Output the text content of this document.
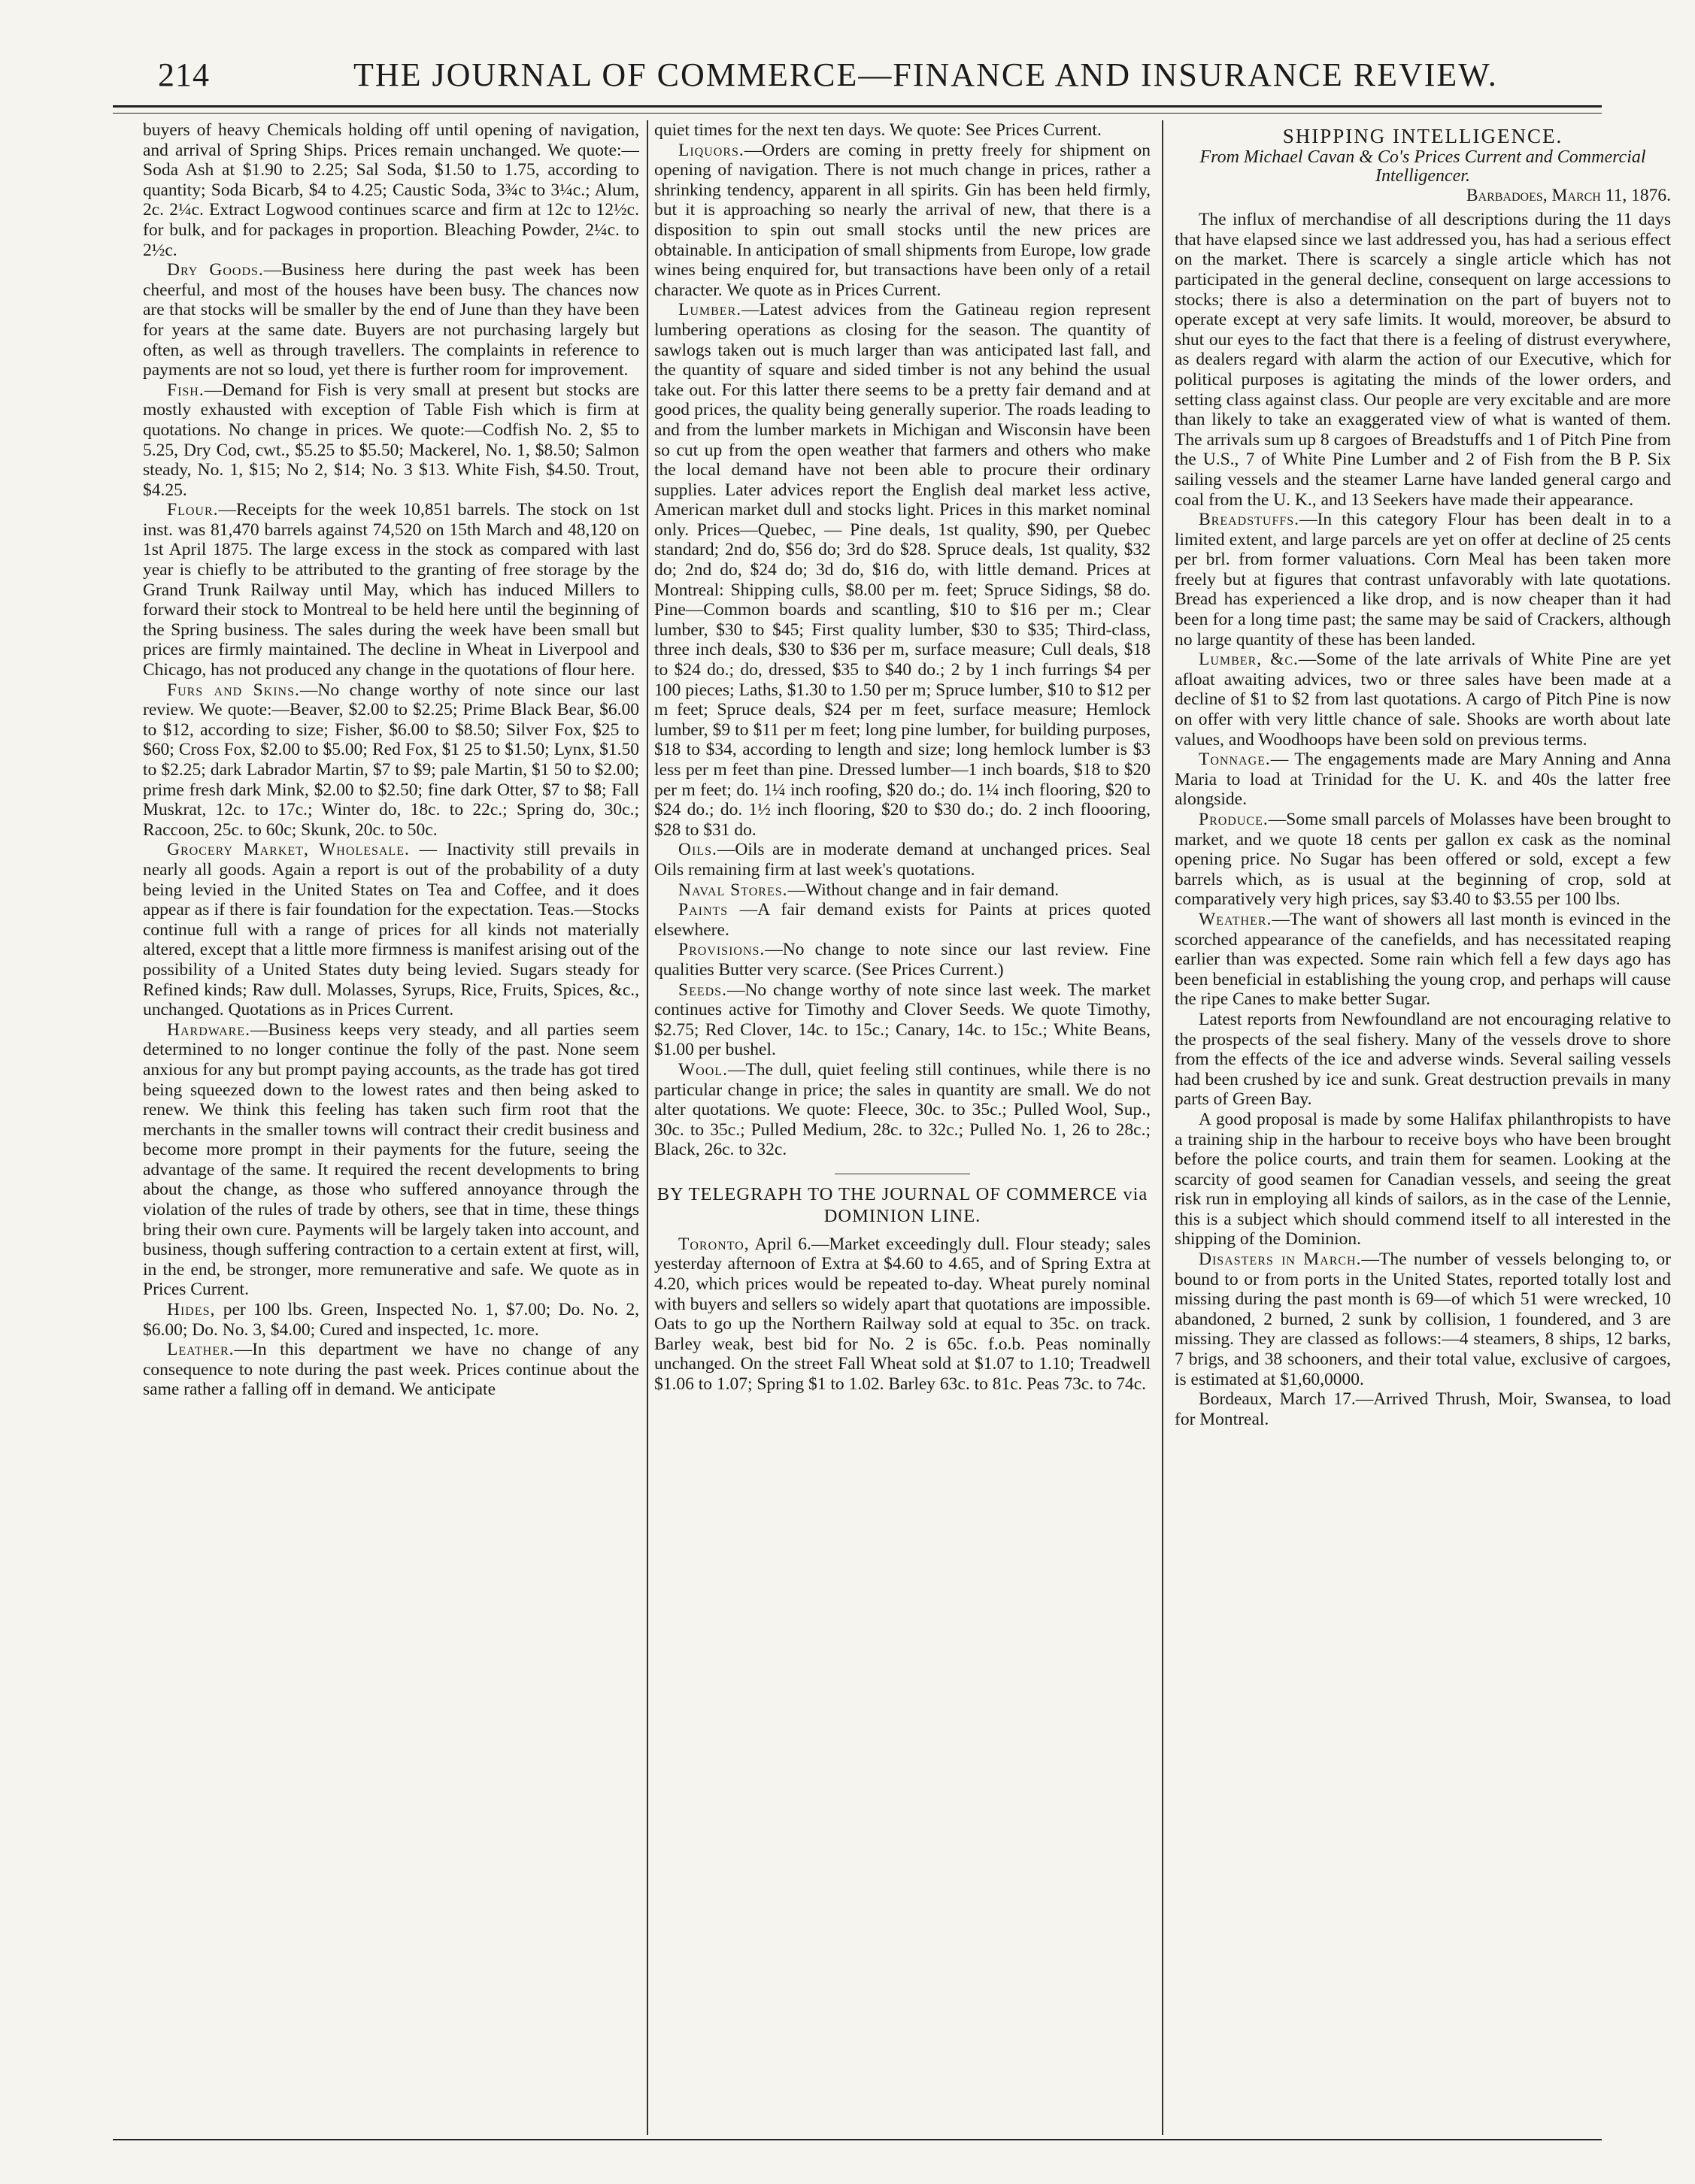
214	THE JOURNAL OF COMMERCE—FINANCE AND INSURANCE REVIEW.

buyers of heavy Chemicals holding off until opening of navigation, and arrival of Spring Ships. Prices remain unchanged. We quote:—Soda Ash at $1.90 to 2.25; Sal Soda, $1.50 to 1.75, according to quantity; Soda Bicarb, $4 to 4.25; Caustic Soda, 3¾c to 3¼c.; Alum, 2c. 2¼c. Extract Logwood continues scarce and firm at 12c to 12½c. for bulk, and for packages in proportion. Bleaching Powder, 2¼c. to 2½c.

Dry Goods.—Business here during the past week has been cheerful, and most of the houses have been busy. The chances now are that stocks will be smaller by the end of June than they have been for years at the same date. Buyers are not purchasing largely but often, as well as through travellers. The complaints in reference to payments are not so loud, yet there is further room for improvement.

Fish.—Demand for Fish is very small at present but stocks are mostly exhausted with exception of Table Fish which is firm at quotations. No change in prices. We quote:—Codfish No. 2, $5 to 5.25, Dry Cod, cwt., $5.25 to $5.50; Mackerel, No. 1, $8.50; Salmon steady, No. 1, $15; No 2, $14; No. 3 $13. White Fish, $4.50. Trout, $4.25.

Flour.—Receipts for the week 10,851 barrels. The stock on 1st inst. was 81,470 barrels against 74,520 on 15th March and 48,120 on 1st April 1875. The large excess in the stock as compared with last year is chiefly to be attributed to the granting of free storage by the Grand Trunk Railway until May, which has induced Millers to forward their stock to Montreal to be held here until the beginning of the Spring business. The sales during the week have been small but prices are firmly maintained. The decline in Wheat in Liverpool and Chicago, has not produced any change in the quotations of flour here.

Furs and Skins.—No change worthy of note since our last review. We quote:—Beaver, $2.00 to $2.25; Prime Black Bear, $6.00 to $12, according to size; Fisher, $6.00 to $8.50; Silver Fox, $25 to $60; Cross Fox, $2.00 to $5.00; Red Fox, $1 25 to $1.50; Lynx, $1.50 to $2.25; dark Labrador Martin, $7 to $9; pale Martin, $1 50 to $2.00; prime fresh dark Mink, $2.00 to $2.50; fine dark Otter, $7 to $8; Fall Muskrat, 12c. to 17c.; Winter do, 18c. to 22c.; Spring do, 30c.; Raccoon, 25c. to 60c; Skunk, 20c. to 50c.

Grocery Market, Wholesale. — Inactivity still prevails in nearly all goods. Again a report is out of the probability of a duty being levied in the United States on Tea and Coffee, and it does appear as if there is fair foundation for the expectation. Teas.—Stocks continue full with a range of prices for all kinds not materially altered, except that a little more firmness is manifest arising out of the possibility of a United States duty being levied. Sugars steady for Refined kinds; Raw dull. Molasses, Syrups, Rice, Fruits, Spices, &c., unchanged. Quotations as in Prices Current.

Hardware.—Business keeps very steady, and all parties seem determined to no longer continue the folly of the past. None seem anxious for any but prompt paying accounts, as the trade has got tired being squeezed down to the lowest rates and then being asked to renew. We think this feeling has taken such firm root that the merchants in the smaller towns will contract their credit business and become more prompt in their payments for the future, seeing the advantage of the same. It required the recent developments to bring about the change, as those who suffered annoyance through the violation of the rules of trade by others, see that in time, these things bring their own cure. Payments will be largely taken into account, and business, though suffering contraction to a certain extent at first, will, in the end, be stronger, more remunerative and safe. We quote as in Prices Current.

Hides, per 100 lbs. Green, Inspected No. 1, $7.00; Do. No. 2, $6.00; Do. No. 3, $4.00; Cured and inspected, 1c. more.

Leather.—In this department we have no change of any consequence to note during the past week. Prices continue about the same rather a falling off in demand. We anticipate

quiet times for the next ten days. We quote: See Prices Current.

Liquors.—Orders are coming in pretty freely for shipment on opening of navigation. There is not much change in prices, rather a shrinking tendency, apparent in all spirits. Gin has been held firmly, but it is approaching so nearly the arrival of new, that there is a disposition to spin out small stocks until the new prices are obtainable. In anticipation of small shipments from Europe, low grade wines being enquired for, but transactions have been only of a retail character. We quote as in Prices Current.

Lumber.—Latest advices from the Gatineau region represent lumbering operations as closing for the season. The quantity of sawlogs taken out is much larger than was anticipated last fall, and the quantity of square and sided timber is not any behind the usual take out. For this latter there seems to be a pretty fair demand and at good prices, the quality being generally superior. The roads leading to and from the lumber markets in Michigan and Wisconsin have been so cut up from the open weather that farmers and others who make the local demand have not been able to procure their ordinary supplies. Later advices report the English deal market less active, American market dull and stocks light. Prices in this market nominal only. Prices—Quebec, — Pine deals, 1st quality, $90, per Quebec standard; 2nd do, $56 do; 3rd do $28. Spruce deals, 1st quality, $32 do; 2nd do, $24 do; 3d do, $16 do, with little demand. Prices at Montreal: Shipping culls, $8.00 per m. feet; Spruce Sidings, $8 do. Pine—Common boards and scantling, $10 to $16 per m.; Clear lumber, $30 to $45; First quality lumber, $30 to $35; Third-class, three inch deals, $30 to $36 per m, surface measure; Cull deals, $18 to $24 do.; do, dressed, $35 to $40 do.; 2 by 1 inch furrings $4 per 100 pieces; Laths, $1.30 to 1.50 per m; Spruce lumber, $10 to $12 per m feet; Spruce deals, $24 per m feet, surface measure; Hemlock lumber, $9 to $11 per m feet; long pine lumber, for building purposes, $18 to $34, according to length and size; long hemlock lumber is $3 less per m feet than pine. Dressed lumber—1 inch boards, $18 to $20 per m feet; do. 1¼ inch roofing, $20 do.; do. 1¼ inch flooring, $20 to $24 do.; do. 1½ inch flooring, $20 to $30 do.; do. 2 inch floooring, $28 to $31 do.

Oils.—Oils are in moderate demand at unchanged prices. Seal Oils remaining firm at last week's quotations.

Naval Stores.—Without change and in fair demand.

Paints —A fair demand exists for Paints at prices quoted elsewhere.

Provisions.—No change to note since our last review. Fine qualities Butter very scarce. (See Prices Current.)

Seeds.—No change worthy of note since last week. The market continues active for Timothy and Clover Seeds. We quote Timothy, $2.75; Red Clover, 14c. to 15c.; Canary, 14c. to 15c.; White Beans, $1.00 per bushel.

Wool.—The dull, quiet feeling still continues, while there is no particular change in price; the sales in quantity are small. We do not alter quotations. We quote: Fleece, 30c. to 35c.; Pulled Wool, Sup., 30c. to 35c.; Pulled Medium, 28c. to 32c.; Pulled No. 1, 26 to 28c.; Black, 26c. to 32c.

BY TELEGRAPH TO THE JOURNAL OF COMMERCE via DOMINION LINE.

Toronto, April 6.—Market exceedingly dull. Flour steady; sales yesterday afternoon of Extra at $4.60 to 4.65, and of Spring Extra at 4.20, which prices would be repeated to-day. Wheat purely nominal with buyers and sellers so widely apart that quotations are impossible. Oats to go up the Northern Railway sold at equal to 35c. on track. Barley weak, best bid for No. 2 is 65c. f.o.b. Peas nominally unchanged. On the street Fall Wheat sold at $1.07 to 1.10; Treadwell $1.06 to 1.07; Spring $1 to 1.02. Barley 63c. to 81c. Peas 73c. to 74c.

SHIPPING INTELLIGENCE.

From Michael Cavan & Co's Prices Current and Commercial Intelligencer.

Barbadoes, March 11, 1876.

The influx of merchandise of all descriptions during the 11 days that have elapsed since we last addressed you, has had a serious effect on the market. There is scarcely a single article which has not participated in the general decline, consequent on large accessions to stocks; there is also a determination on the part of buyers not to operate except at very safe limits. It would, moreover, be absurd to shut our eyes to the fact that there is a feeling of distrust everywhere, as dealers regard with alarm the action of our Executive, which for political purposes is agitating the minds of the lower orders, and setting class against class. Our people are very excitable and are more than likely to take an exaggerated view of what is wanted of them. The arrivals sum up 8 cargoes of Breadstuffs and 1 of Pitch Pine from the U.S., 7 of White Pine Lumber and 2 of Fish from the B P. Six sailing vessels and the steamer Larne have landed general cargo and coal from the U. K., and 13 Seekers have made their appearance.

Breadstuffs.—In this category Flour has been dealt in to a limited extent, and large parcels are yet on offer at decline of 25 cents per brl. from former valuations. Corn Meal has been taken more freely but at figures that contrast unfavorably with late quotations. Bread has experienced a like drop, and is now cheaper than it had been for a long time past; the same may be said of Crackers, although no large quantity of these has been landed.

Lumber, &c.—Some of the late arrivals of White Pine are yet afloat awaiting advices, two or three sales have been made at a decline of $1 to $2 from last quotations. A cargo of Pitch Pine is now on offer with very little chance of sale. Shooks are worth about late values, and Woodhoops have been sold on previous terms.

Tonnage.— The engagements made are Mary Anning and Anna Maria to load at Trinidad for the U. K. and 40s the latter free alongside.

Produce.—Some small parcels of Molasses have been brought to market, and we quote 18 cents per gallon ex cask as the nominal opening price. No Sugar has been offered or sold, except a few barrels which, as is usual at the beginning of crop, sold at comparatively very high prices, say $3.40 to $3.55 per 100 lbs.

Weather.—The want of showers all last month is evinced in the scorched appearance of the canefields, and has necessitated reaping earlier than was expected. Some rain which fell a few days ago has been beneficial in establishing the young crop, and perhaps will cause the ripe Canes to make better Sugar.

Latest reports from Newfoundland are not encouraging relative to the prospects of the seal fishery. Many of the vessels drove to shore from the effects of the ice and adverse winds. Several sailing vessels had been crushed by ice and sunk. Great destruction prevails in many parts of Green Bay.

A good proposal is made by some Halifax philanthropists to have a training ship in the harbour to receive boys who have been brought before the police courts, and train them for seamen. Looking at the scarcity of good seamen for Canadian vessels, and seeing the great risk run in employing all kinds of sailors, as in the case of the Lennie, this is a subject which should commend itself to all interested in the shipping of the Dominion.

Disasters in March.—The number of vessels belonging to, or bound to or from ports in the United States, reported totally lost and missing during the past month is 69—of which 51 were wrecked, 10 abandoned, 2 burned, 2 sunk by collision, 1 foundered, and 3 are missing. They are classed as follows:—4 steamers, 8 ships, 12 barks, 7 brigs, and 38 schooners, and their total value, exclusive of cargoes, is estimated at $1,60,0000.

Bordeaux, March 17.—Arrived Thrush, Moir, Swansea, to load for Montreal.
